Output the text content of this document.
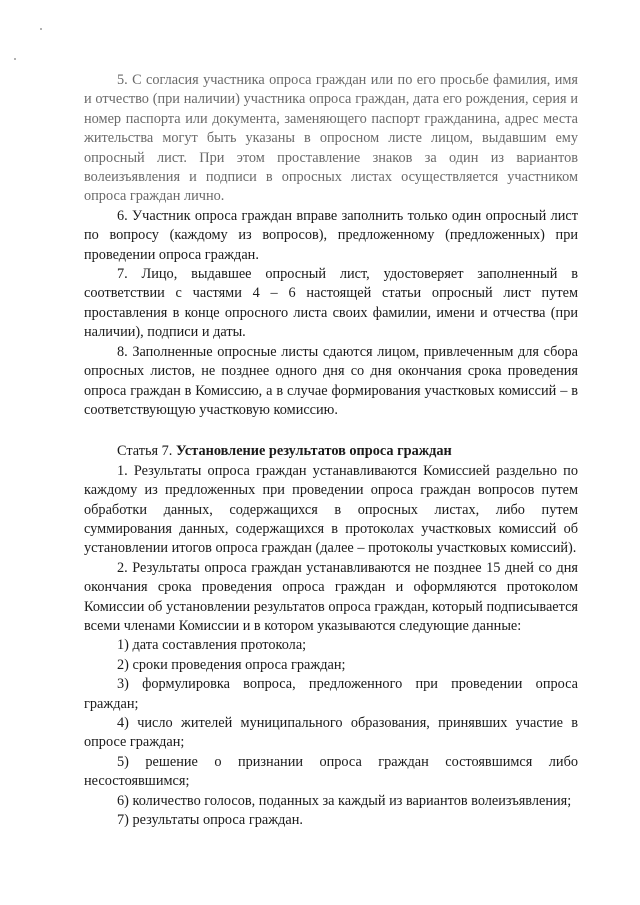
5. С согласия участника опроса граждан или по его просьбе фамилия, имя и отчество (при наличии) участника опроса граждан, дата его рождения, серия и номер паспорта или документа, заменяющего паспорт гражданина, адрес места жительства могут быть указаны в опросном листе лицом, выдавшим ему опросный лист. При этом проставление знаков за один из вариантов волеизъявления и подписи в опросных листах осуществляется участником опроса граждан лично.

6. Участник опроса граждан вправе заполнить только один опросный лист по вопросу (каждому из вопросов), предложенному (предложенных) при проведении опроса граждан.

7. Лицо, выдавшее опросный лист, удостоверяет заполненный в соответствии с частями 4 – 6 настоящей статьи опросный лист путем проставления в конце опросного листа своих фамилии, имени и отчества (при наличии), подписи и даты.

8. Заполненные опросные листы сдаются лицом, привлеченным для сбора опросных листов, не позднее одного дня со дня окончания срока проведения опроса граждан в Комиссию, а в случае формирования участковых комиссий – в соответствующую участковую комиссию.

Статья 7. Установление результатов опроса граждан

1. Результаты опроса граждан устанавливаются Комиссией раздельно по каждому из предложенных при проведении опроса граждан вопросов путем обработки данных, содержащихся в опросных листах, либо путем суммирования данных, содержащихся в протоколах участковых комиссий об установлении итогов опроса граждан (далее – протоколы участковых комиссий).

2. Результаты опроса граждан устанавливаются не позднее 15 дней со дня окончания срока проведения опроса граждан и оформляются протоколом Комиссии об установлении результатов опроса граждан, который подписывается всеми членами Комиссии и в котором указываются следующие данные:

1) дата составления протокола;

2) сроки проведения опроса граждан;

3) формулировка вопроса, предложенного при проведении опроса граждан;

4) число жителей муниципального образования, принявших участие в опросе граждан;

5) решение о признании опроса граждан состоявшимся либо несостоявшимся;

6) количество голосов, поданных за каждый из вариантов волеизъявления;

7) результаты опроса граждан.
